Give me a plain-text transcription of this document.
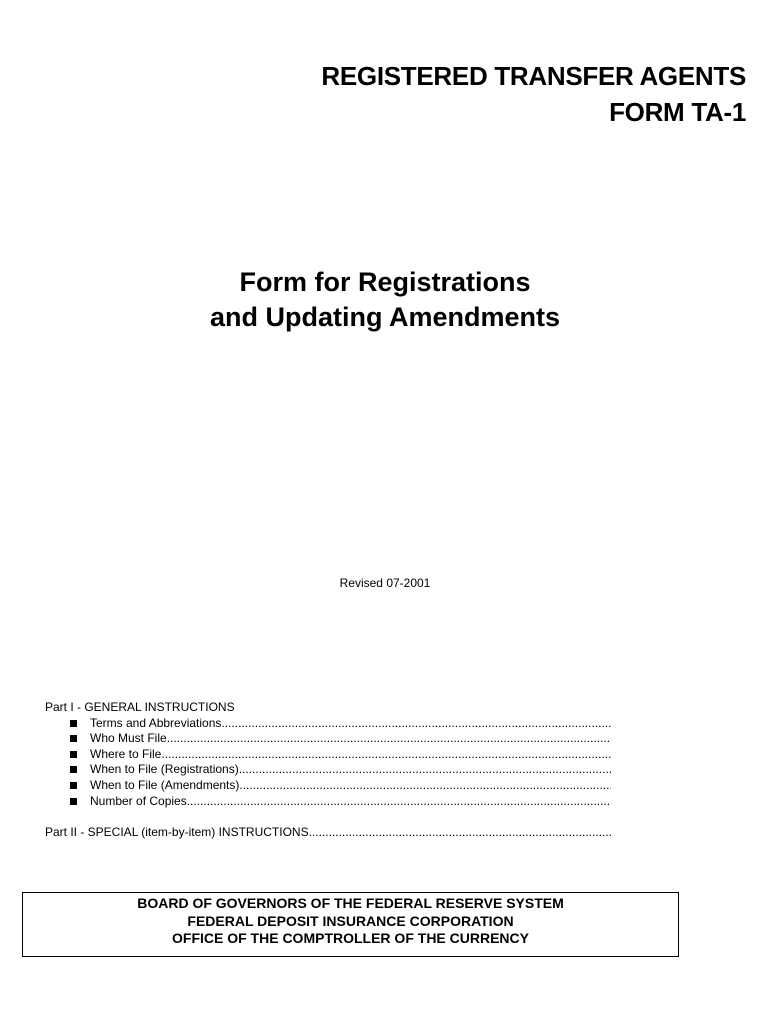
REGISTERED TRANSFER AGENTS
FORM TA-1
Form for Registrations
and Updating Amendments
Revised 07-2001
Part I - GENERAL INSTRUCTIONS
Terms and Abbreviations
.....
Who Must File
.....
Where to File
.....
When to File (Registrations)
.....
When to File (Amendments)
.....
Number of Copies
.....
Part II - SPECIAL (item-by-item) INSTRUCTIONS
.....
BOARD OF GOVERNORS OF THE FEDERAL RESERVE SYSTEM
FEDERAL DEPOSIT INSURANCE CORPORATION
OFFICE OF THE COMPTROLLER OF THE CURRENCY
